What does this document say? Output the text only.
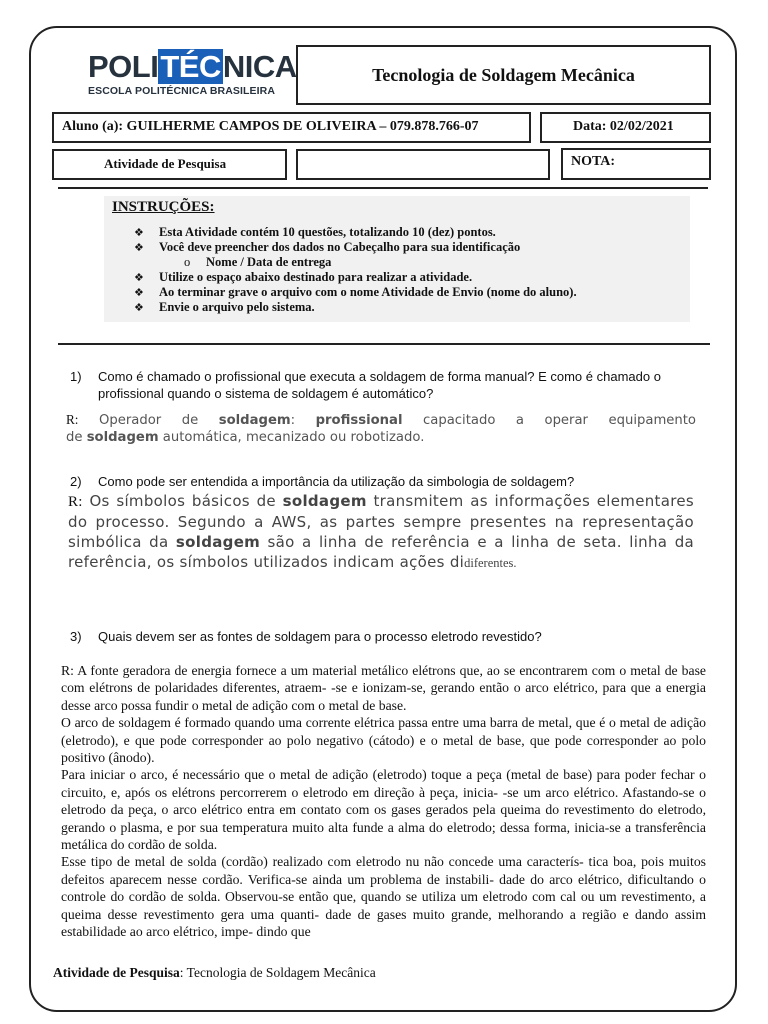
POLITÉCNICA
ESCOLA POLITÉCNICA BRASILEIRA
Tecnologia de Soldagem Mecânica
Aluno (a): GUILHERME CAMPOS DE OLIVEIRA – 079.878.766-07	Data: 02/02/2021
Atividade de Pesquisa	NOTA:
INSTRUÇÕES:
❖ Esta Atividade contém 10 questões, totalizando 10 (dez) pontos.
❖ Você deve preencher dos dados no Cabeçalho para sua identificação
o Nome / Data de entrega
❖ Utilize o espaço abaixo destinado para realizar a atividade.
❖ Ao terminar grave o arquivo com o nome Atividade de Envio (nome do aluno).
❖ Envie o arquivo pelo sistema.
1) Como é chamado o profissional que executa a soldagem de forma manual? E como é chamado o profissional quando o sistema de soldagem é automático?
R: Operador de soldagem: profissional capacitado a operar equipamento
de soldagem automática, mecanizado ou robotizado.
2) Como pode ser entendida a importância da utilização da simbologia de soldagem?
R: Os símbolos básicos de soldagem transmitem as informações elementares do processo. Segundo a AWS, as partes sempre presentes na representação simbólica da soldagem são a linha de referência e a linha de seta. linha da referência, os símbolos utilizados indicam ações didiferentes.
3) Quais devem ser as fontes de soldagem para o processo eletrodo revestido?

R: A fonte geradora de energia fornece a um material metálico elétrons que, ao se encontrarem com o metal de base com elétrons de polaridades diferentes, atraem- -se e ionizam-se, gerando então o arco elétrico, para que a energia desse arco possa fundir o metal de adição com o metal de base.

O arco de soldagem é formado quando uma corrente elétrica passa entre uma barra de metal, que é o metal de adição (eletrodo), e que pode corresponder ao polo negativo (cátodo) e o metal de base, que pode corresponder ao polo positivo (ânodo).

Para iniciar o arco, é necessário que o metal de adição (eletrodo) toque a peça (metal de base) para poder fechar o circuito, e, após os elétrons percorrerem o eletrodo em direção à peça, inicia- -se um arco elétrico. Afastando-se o eletrodo da peça, o arco elétrico entra em contato com os gases gerados pela queima do revestimento do eletrodo, gerando o plasma, e por sua temperatura muito alta funde a alma do eletrodo; dessa forma, inicia-se a transferência metálica do cordão de solda.

Esse tipo de metal de solda (cordão) realizado com eletrodo nu não concede uma caracterís- tica boa, pois muitos defeitos aparecem nesse cordão. Verifica-se ainda um problema de instabili- dade do arco elétrico, dificultando o controle do cordão de solda. Observou-se então que, quando se utiliza um eletrodo com cal ou um revestimento, a queima desse revestimento gera uma quanti- dade de gases muito grande, melhorando a região e dando assim estabilidade ao arco elétrico, impe- dindo que

Atividade de Pesquisa: Tecnologia de Soldagem Mecânica
